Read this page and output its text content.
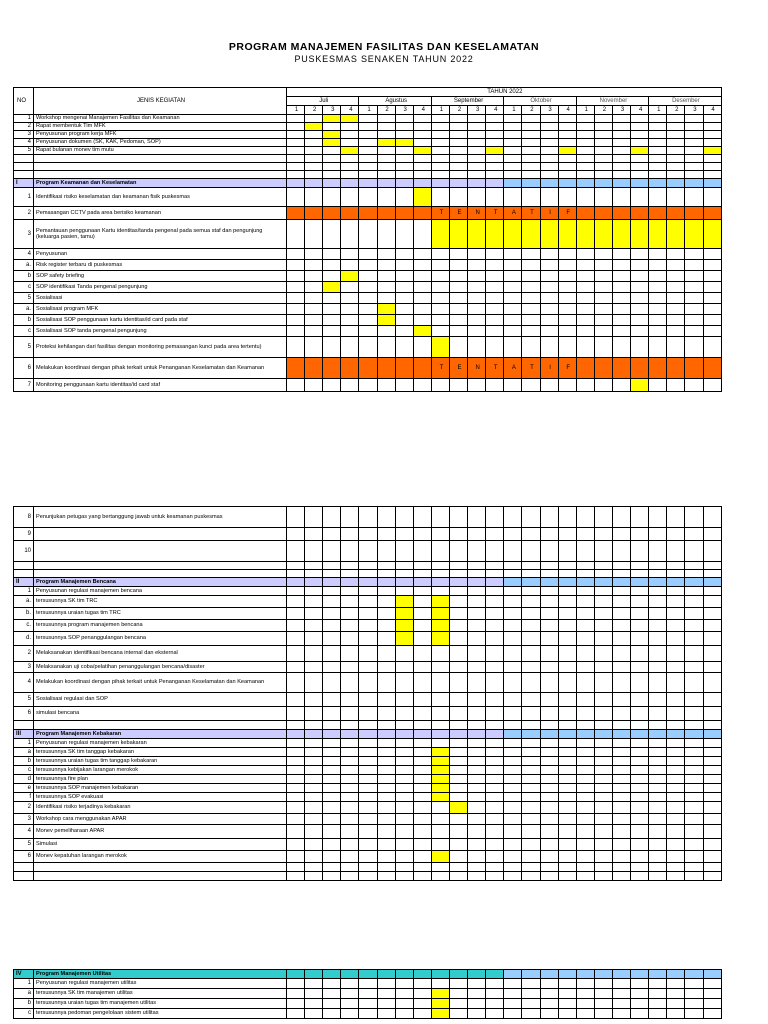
PROGRAM MANAJEMEN FASILITAS DAN KESELAMATAN
PUSKESMAS SENAKEN TAHUN 2022
NO	JENIS KEGIATAN	TAHUN 2022																							
		Juli				Agustus				September				Oktober				November				Desember			
		1	2	3	4	1	2	3	4	1	2	3	4	1	2	3	4	1	2	3	4	1	2	3	4
1	Workshop mengenai Manajemen Fasilitas dan Keamanan																								
2	Rapat membentuk Tim MFK																								
3	Penyusunan program kerja MFK																								
4	Penyusunan dokumen (SK, KAK, Pedoman, SOP)																								
5	Rapat bulanan monev tim mutu																								

I	Program Keamanan dan Keselamatan																								
1	Identifikasi risiko keselamatan dan keamanan fisik puskesmas																								
2	Pemasangan CCTV pada area berisiko keamanan									T	E	N	T	A	T	I	F								
3	Pemantauan penggunaan Kartu identitas/tanda pengenal pada semua staf dan pengunjung (keluarga pasien, tamu)																								
4	Penyusunan																								
a.	Risk register terbaru di puskesmas																								
b	SOP safety briefing																								
c	SOP identifikasi Tanda pengenal pengunjung																								
5	Sosialisasi																								
a.	Sosialisasi program MFK																								
b	Sosialisasi SOP penggunaan kartu identitas/id card pada staf																								
c	Sosialisasi SOP tanda pengenal pengunjung																								
5	Proteksi kehilangan dari fasilitas dengan monitoring pemasangan kunci pada area tertentu)																								
6	Melakukan koordinasi dengan pihak terkait untuk Penanganan Keselamatan dan Keamanan									T	E	N	T	A	T	I	F								
7	Monitoring penggunaan kartu identitas/id card staf																								
8	Penunjukan petugas yang bertanggung jawab untuk keamanan puskesmas																								
9																									
10																									

II	Program Manajemen Bencana																								
1	Penyusunan regulasi manajemen bencana																								
a.	tersusunnya SK tim TRC																								
b.	tersusunnya uraian tugas tim TRC																								
c.	tersusunnya program manajemen bencana																								
d.	tersusunnya SOP penanggulangan bencana																								
2	Melaksanakan identifikasi bencana internal dan eksternal																								
3	Melaksanakan uji coba/pelatihan penanggulangan bencana/disaster																								
4	Melakukan koordinasi dengan pihak terkait untuk Penanganan Keselamatan dan Keamanan																								
5	Sosialisasi regulasi dan SOP																								
6	simulasi bencana																								

III	Program Manajemen Kebakaran																								
1	Penyusunan regulasi manajemen kebakaran																								
a	tersusunnya SK tim tanggap kebakaran																								
b	tersusunnya uraian tugas tim tanggap kebakaran																								
c	tersusunnya kebijakan larangan merokok																								
d	tersusunnya fire plan																								
e	tersusunnya SOP manajemen kebakaran																								
f	tersusunnya SOP evakuasi																								
2	Identifikasi risiko terjadinya kebakaran																								
3	Workshop cara menggunakan APAR																								
4	Monev pemeliharaan APAR																								
5	Simulasi																								
6	Monev kepatuhan larangan merokok																								

IV	Program Manajemen Utilitas																								
1	Penyusunan regulasi manajemen utilitas																								
a	tersusunnya SK tim manajemen utilitas																								
b	tersusunnya uraian tugas tim manajemen utilitas																								
c	tersusunnya pedoman pengelolaan sistem utilitas																								
